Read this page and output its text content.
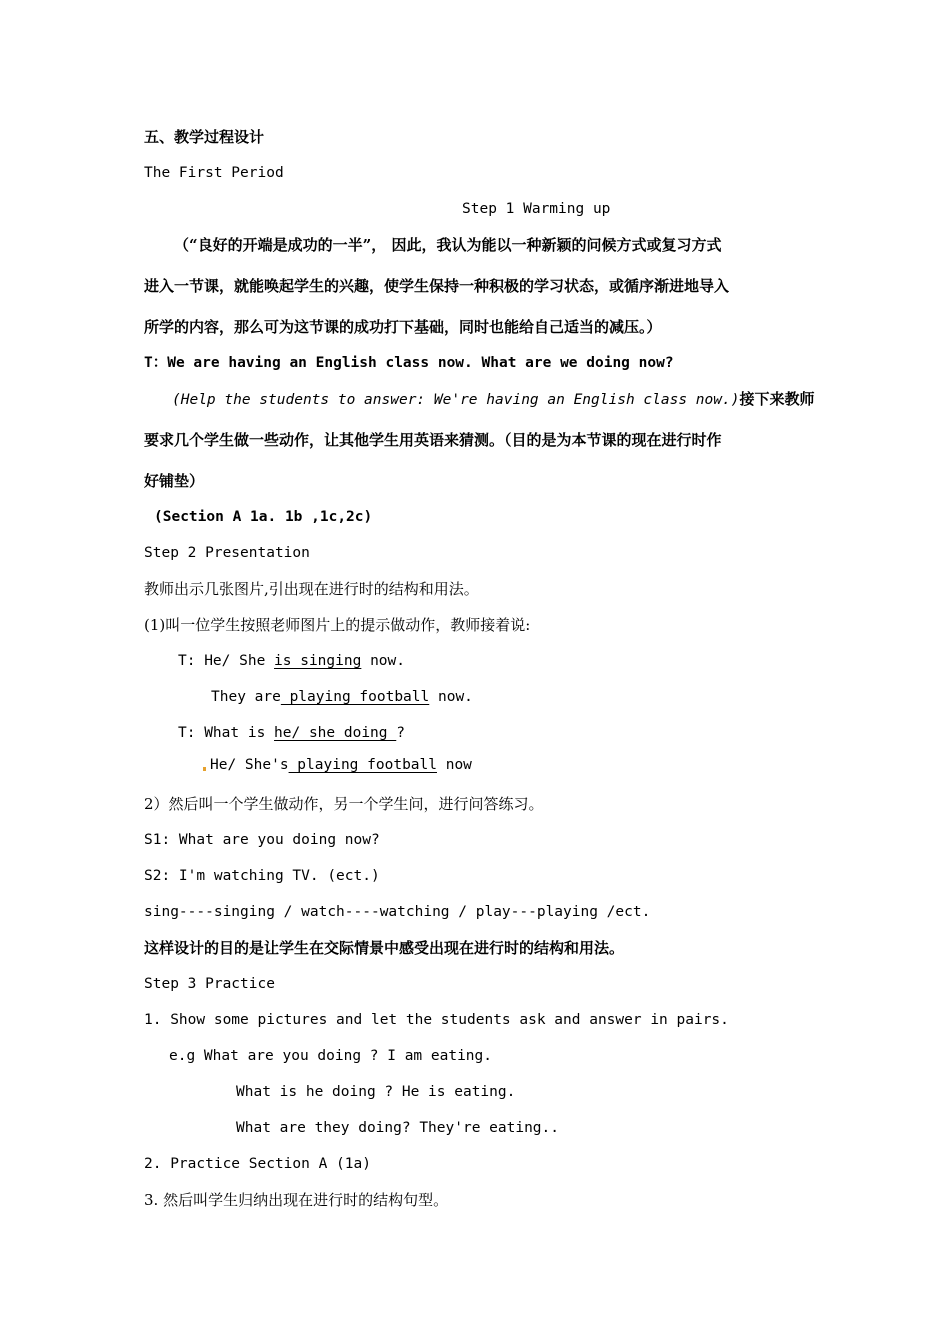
五、教学过程设计
The First Period
Step 1 Warming up
（“良好的开端是成功的一半”， 因此，我认为能以一种新颖的问候方式或复习方式
进入一节课，就能唤起学生的兴趣，使学生保持一种积极的学习状态，或循序渐进地导入
所学的内容，那么可为这节课的成功打下基础，同时也能给自己适当的减压。）
T：We are having an English class now. What are we doing now?
(Help the students to answer: We're having an English class now.)接下来教师
要求几个学生做一些动作，让其他学生用英语来猜测。（目的是为本节课的现在进行时作
好铺垫）
(Section A 1a. 1b ,1c,2c)
Step 2 Presentation
教师出示几张图片,引出现在进行时的结构和用法。
(1)叫一位学生按照老师图片上的提示做动作，教师接着说:
T: He/ She is singing now.
They are playing football now.
T: What is he/ she doing ?
He/ She's playing football now
2）然后叫一个学生做动作，另一个学生问，进行问答练习。
S1: What are you doing now?
S2: I'm watching TV. (ect.)
sing----singing / watch----watching / play---playing /ect.
这样设计的目的是让学生在交际情景中感受出现在进行时的结构和用法。
Step 3 Practice
1. Show some pictures and let the students ask and answer in pairs.
e.g What are you doing ? I am eating.
What is he doing ? He is eating.
What are they doing? They're eating..
2. Practice Section A (1a)
3. 然后叫学生归纳出现在进行时的结构句型。
